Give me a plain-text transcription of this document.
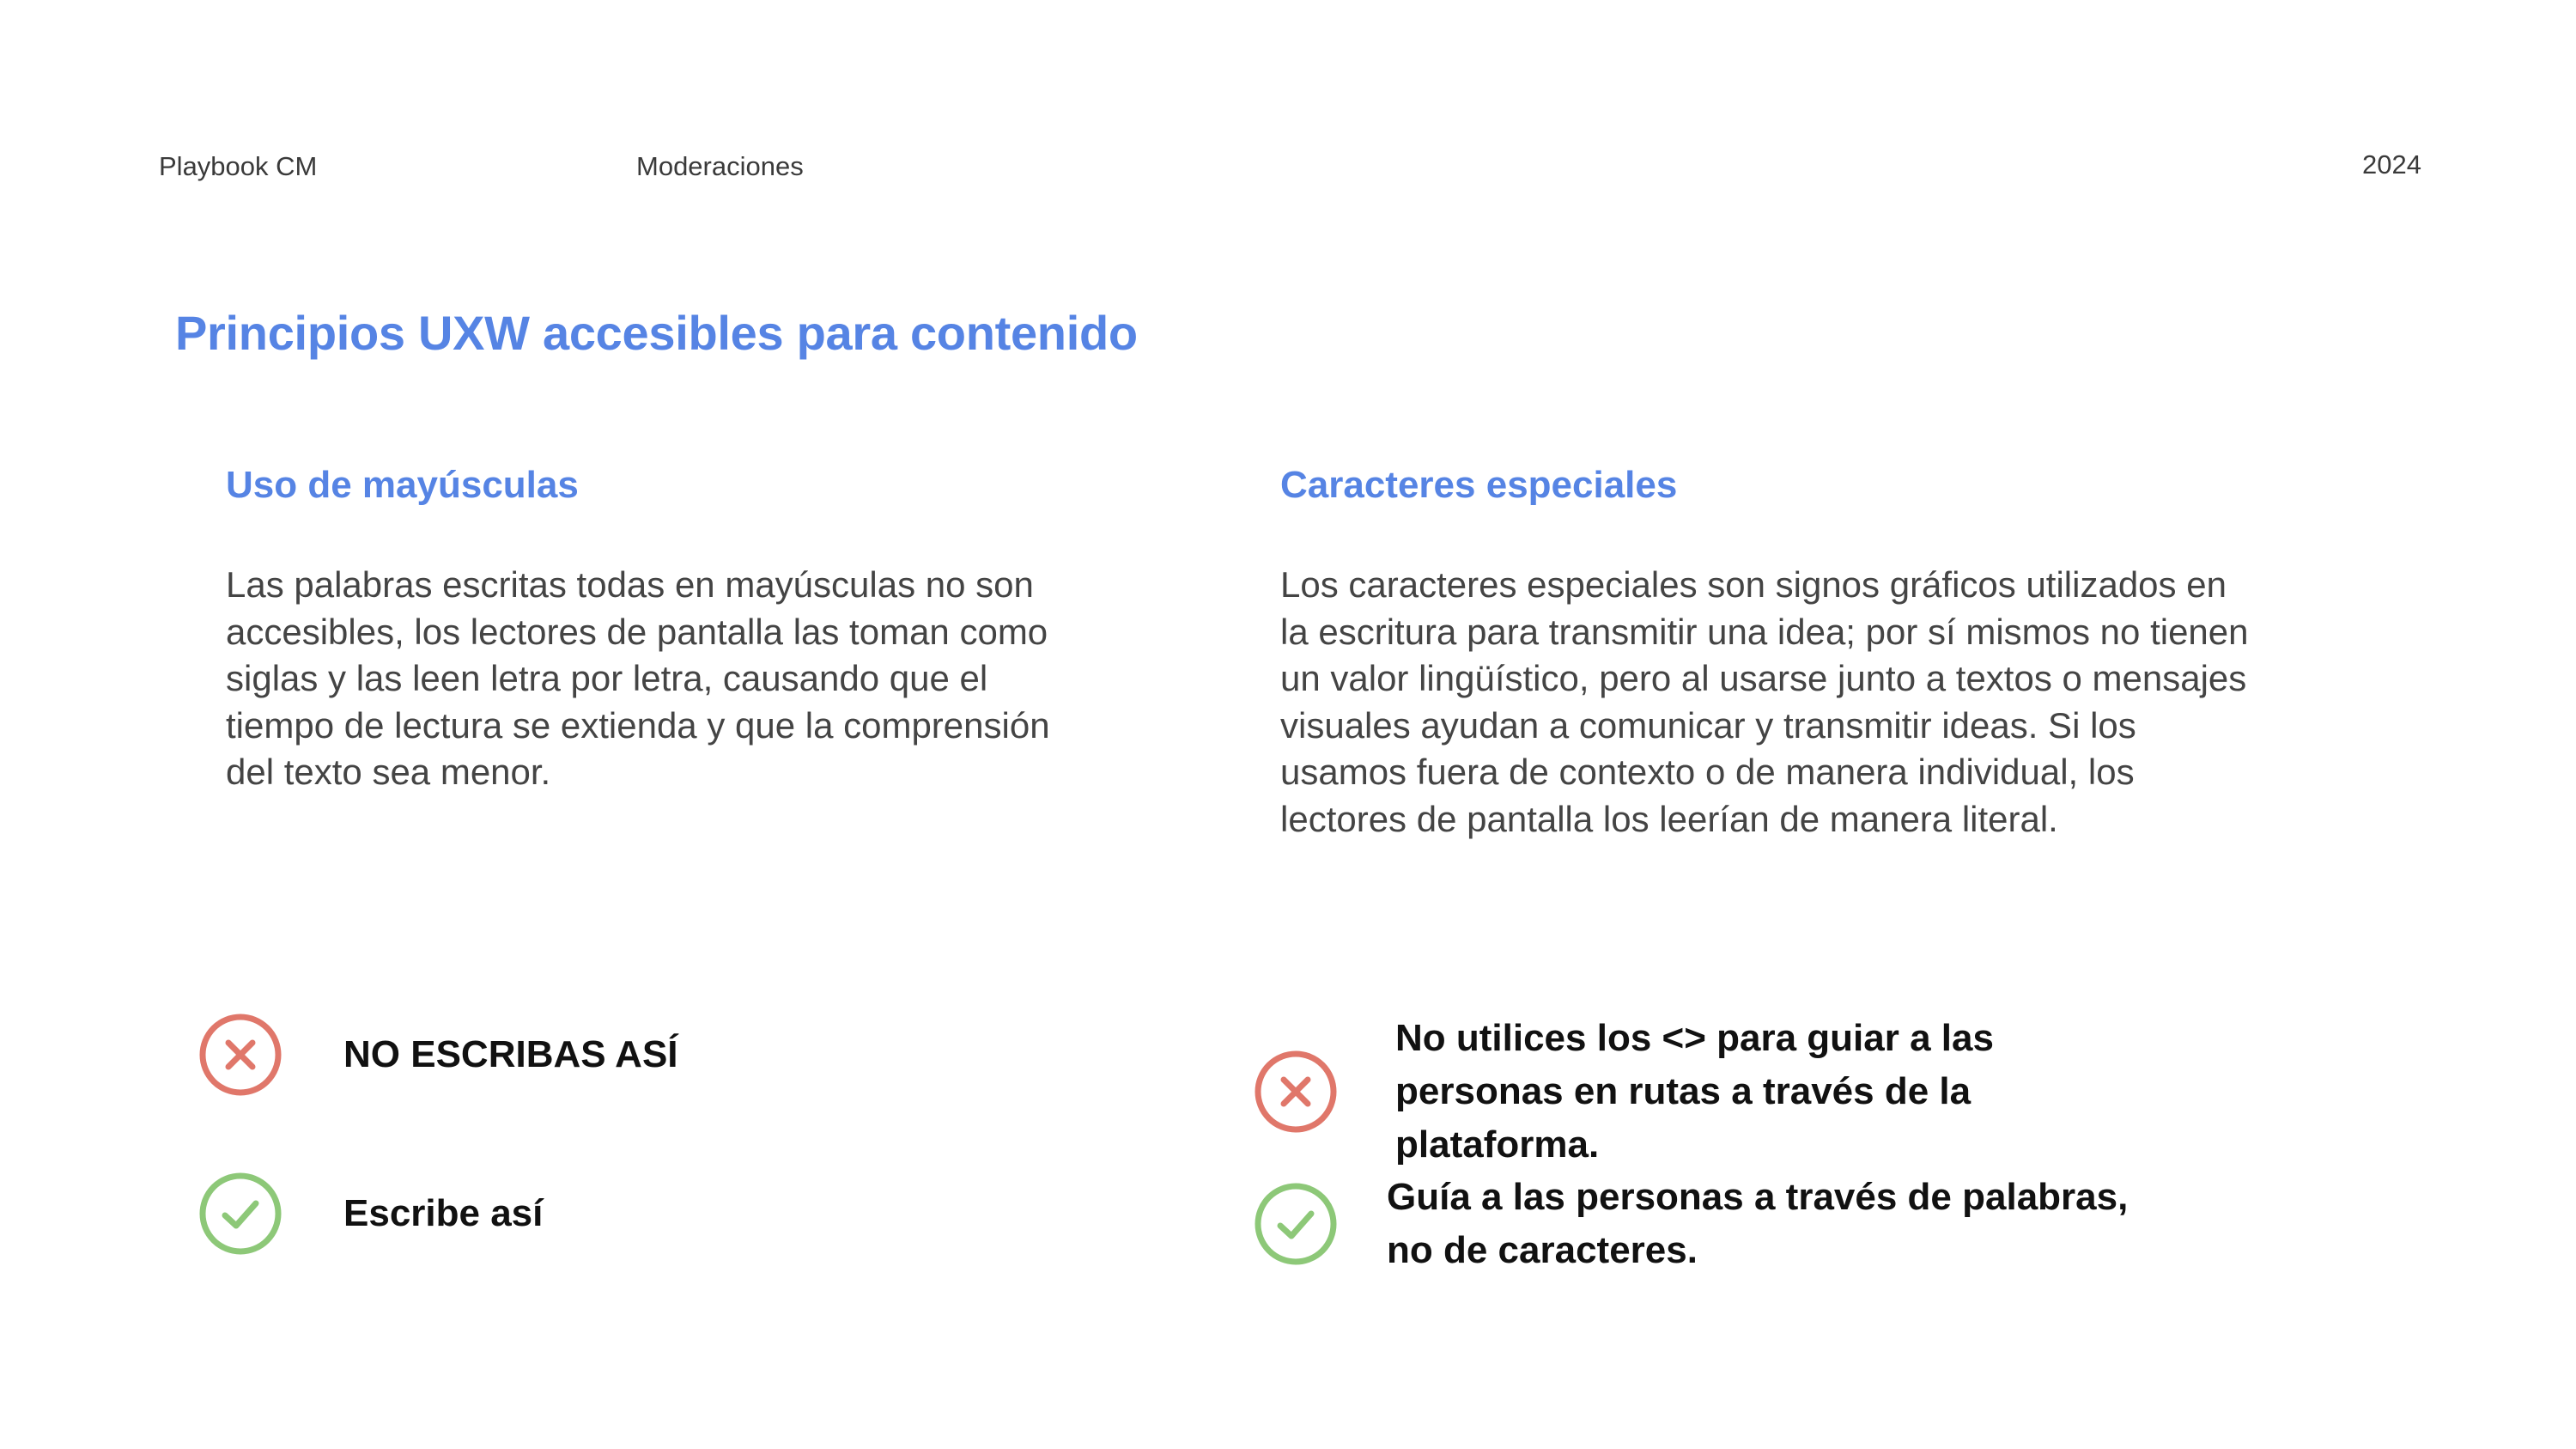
Playbook CM	Moderaciones	2024
Principios UXW accesibles para contenido
Uso de mayúsculas
Las palabras escritas todas en mayúsculas no son accesibles, los lectores de pantalla las toman como siglas y las leen letra por letra, causando que el tiempo de lectura se extienda y que la comprensión del texto sea menor.
Caracteres especiales
Los caracteres especiales son signos gráficos utilizados en la escritura para transmitir una idea; por sí mismos no tienen un valor lingüístico, pero al usarse junto a textos o mensajes visuales ayudan a comunicar y transmitir ideas. Si los usamos fuera de contexto o de manera individual, los lectores de pantalla los leerían de manera literal.
NO ESCRIBAS ASÍ
Escribe así
No utilices los <> para guiar a las personas en rutas a través de la plataforma.
Guía a las personas a través de palabras, no de caracteres.
